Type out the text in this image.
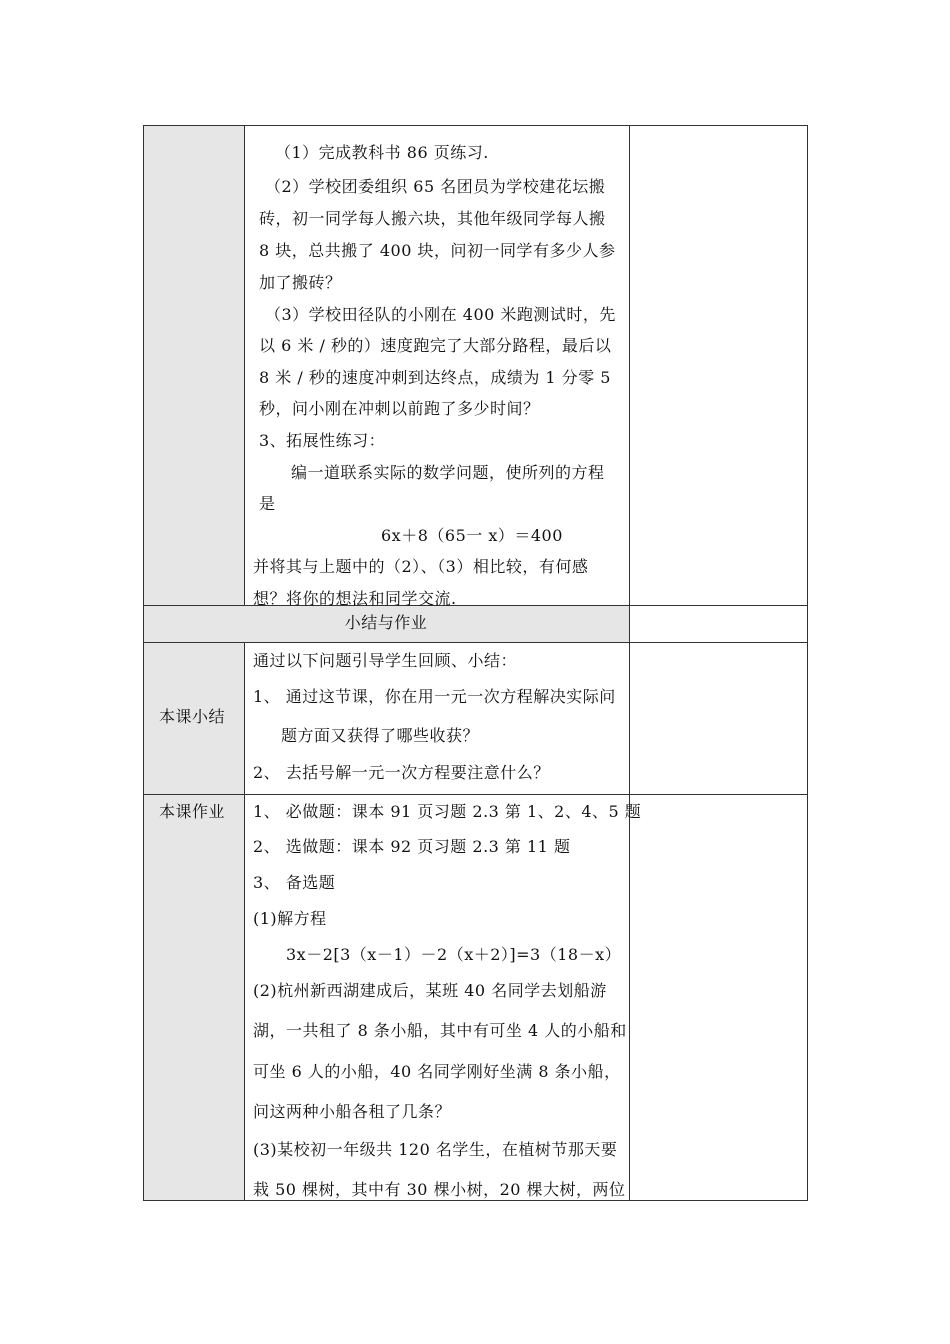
（1）完成教科书 86 页练习.
（2）学校团委组织 65 名团员为学校建花坛搬
砖，初一同学每人搬六块，其他年级同学每人搬
8 块，总共搬了 400 块，问初一同学有多少人参
加了搬砖？
（3）学校田径队的小刚在 400 米跑测试时，先
以 6 米 / 秒的）速度跑完了大部分路程，最后以
8 米 / 秒的速度冲刺到达终点，成绩为 1 分零 5
秒，问小刚在冲刺以前跑了多少时间？
3、拓展性练习：
编一道联系实际的数学问题，使所列的方程
是
6x＋8（65一 x）＝400
并将其与上题中的（2）、（3）相比较，有何感
想？将你的想法和同学交流.
小结与作业
本课小结
通过以下问题引导学生回顾、小结：
1、 通过这节课，你在用一元一次方程解决实际问
题方面又获得了哪些收获？
2、 去括号解一元一次方程要注意什么？
本课作业 1、 必做题：课本 91 页习题 2.3 第 1、2、4、5 题
2、 选做题：课本 92 页习题 2.3 第 11 题
3、 备选题
(1)解方程
3x－2[3（x－1）－2（x＋2）]=3（18－x）
(2)杭州新西湖建成后，某班 40 名同学去划船游
湖，一共租了 8 条小船，其中有可坐 4 人的小船和
可坐 6 人的小船，40 名同学刚好坐满 8 条小船，
问这两种小船各租了几条？
(3)某校初一年级共 120 名学生，在植树节那天要
栽 50 棵树，其中有 30 棵小树，20 棵大树，两位
